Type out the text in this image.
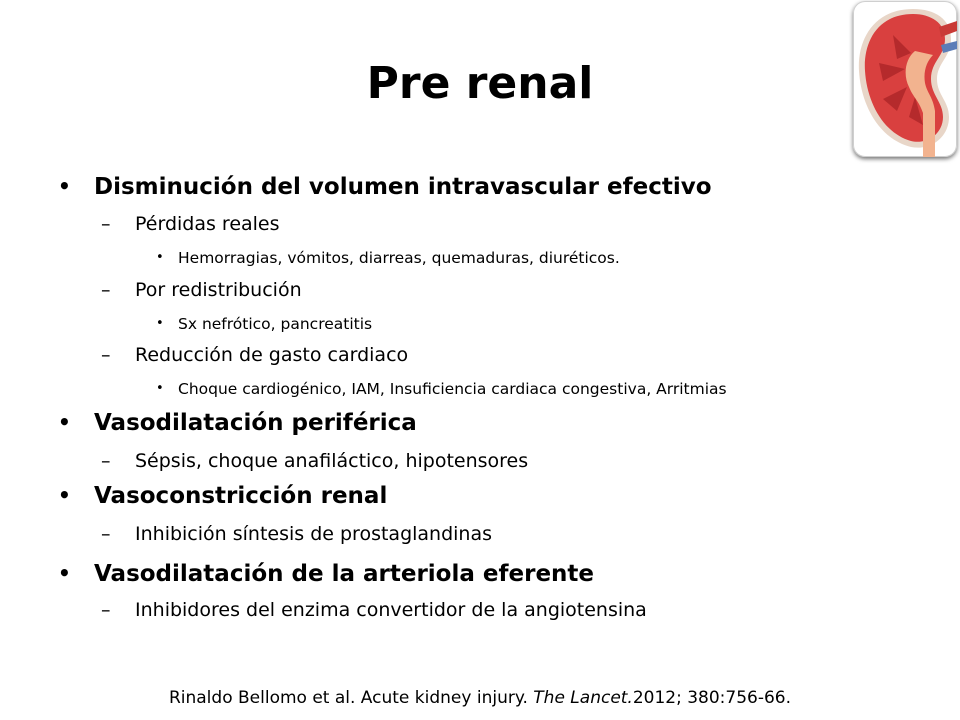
Pre renal
• Disminución del volumen intravascular efectivo
– Pérdidas reales
• Hemorragias, vómitos, diarreas, quemaduras, diuréticos.
– Por redistribución
• Sx nefrótico, pancreatitis
– Reducción de gasto cardiaco
• Choque cardiogénico, IAM, Insuficiencia cardiaca congestiva, Arritmias
• Vasodilatación periférica
– Sépsis, choque anafiláctico, hipotensores
• Vasoconstricción renal
– Inhibición síntesis de prostaglandinas
• Vasodilatación de la arteriola eferente
– Inhibidores del enzima convertidor de la angiotensina
Rinaldo Bellomo et al. Acute kidney injury. The Lancet.2012; 380:756-66.
